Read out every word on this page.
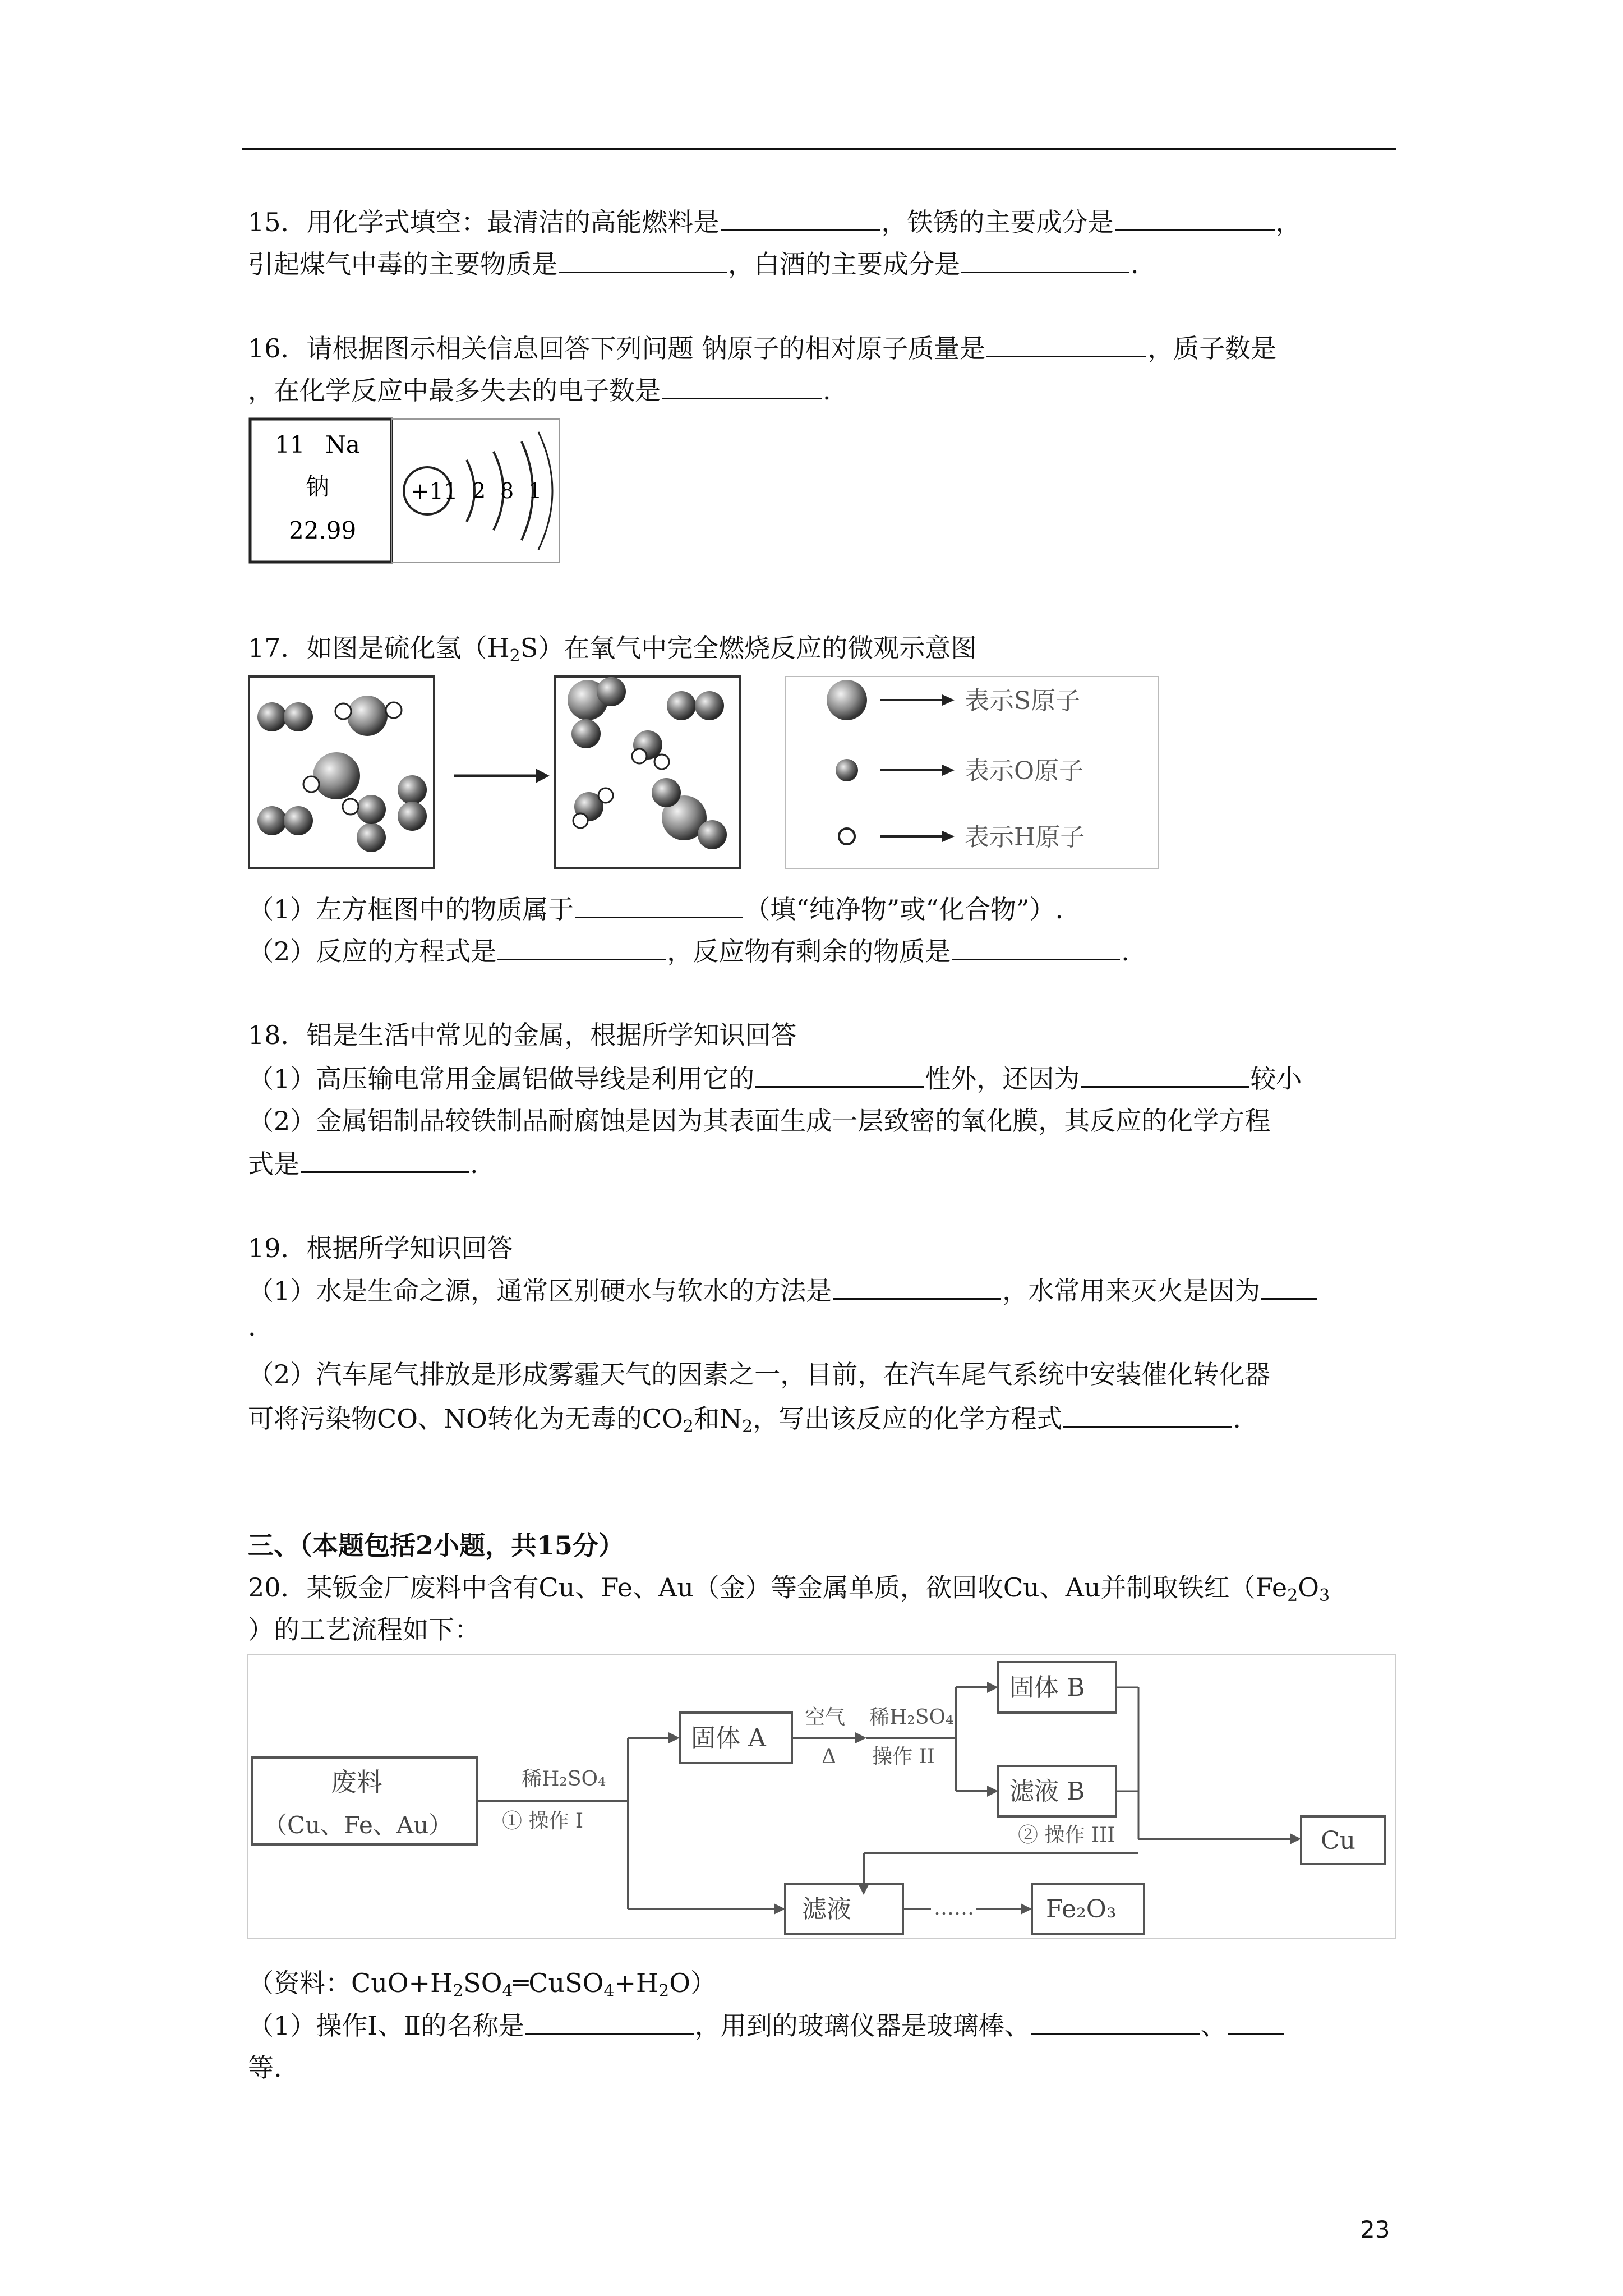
15．用化学式填空：最清洁的高能燃料是	，铁锈的主要成分是	，
引起煤气中毒的主要物质是	，白酒的主要成分是	.
16．请根据图示相关信息回答下列问题 钠原子的相对原子质量是	，质子数是
，在化学反应中最多失去的电子数是	.
11 Na
钠
22.99
+11 2 8 1
17．如图是硫化氢$(H_2S)$在氧气中完全燃烧反应的微观示意图
表示S原子
表示O原子
表示H原子
（1）左方框图中的物质属于	（填“纯净物”或“化合物”）.
（2）反应的方程式是	，反应物有剩余的物质是	.
18．铝是生活中常见的金属，根据所学知识回答
（1）高压输电常用金属铝做导线是利用它的	性外，还因为	较小
（2）金属铝制品较铁制品耐腐蚀是因为其表面生成一层致密的氧化膜，其反应的化学方程
式是	.
19．根据所学知识回答
（1）水是生命之源，通常区别硬水与软水的方法是	，水常用来灭火是因为
.
（2）汽车尾气排放是形成雾霾天气的因素之一，目前，在汽车尾气系统中安装催化转化器
可将污染物CO、NO转化为无毒的$CO_2$和$N_2$，写出该反应的化学方程式	.
三、（本题包括2小题，共15分）
20．某钣金厂废料中含有Cu、Fe、Au（金）等金属单质，欲回收Cu、Au并制取铁红（$Fe_2O_3$
）的工艺流程如下：
废料
（Cu、Fe、Au）
稀H₂SO₄
① 操作 I
固体 A
空气
Δ
稀H₂SO₄
操作 II
固体 B
滤液 B
② 操作 III	Cu
滤液	……	Fe₂O₃
（资料：$CuO+H_2SO_4═CuSO_4+H_2O$）
（1）操作Ⅰ、Ⅱ的名称是	，用到的玻璃仪器是玻璃棒、	、
等.
23
